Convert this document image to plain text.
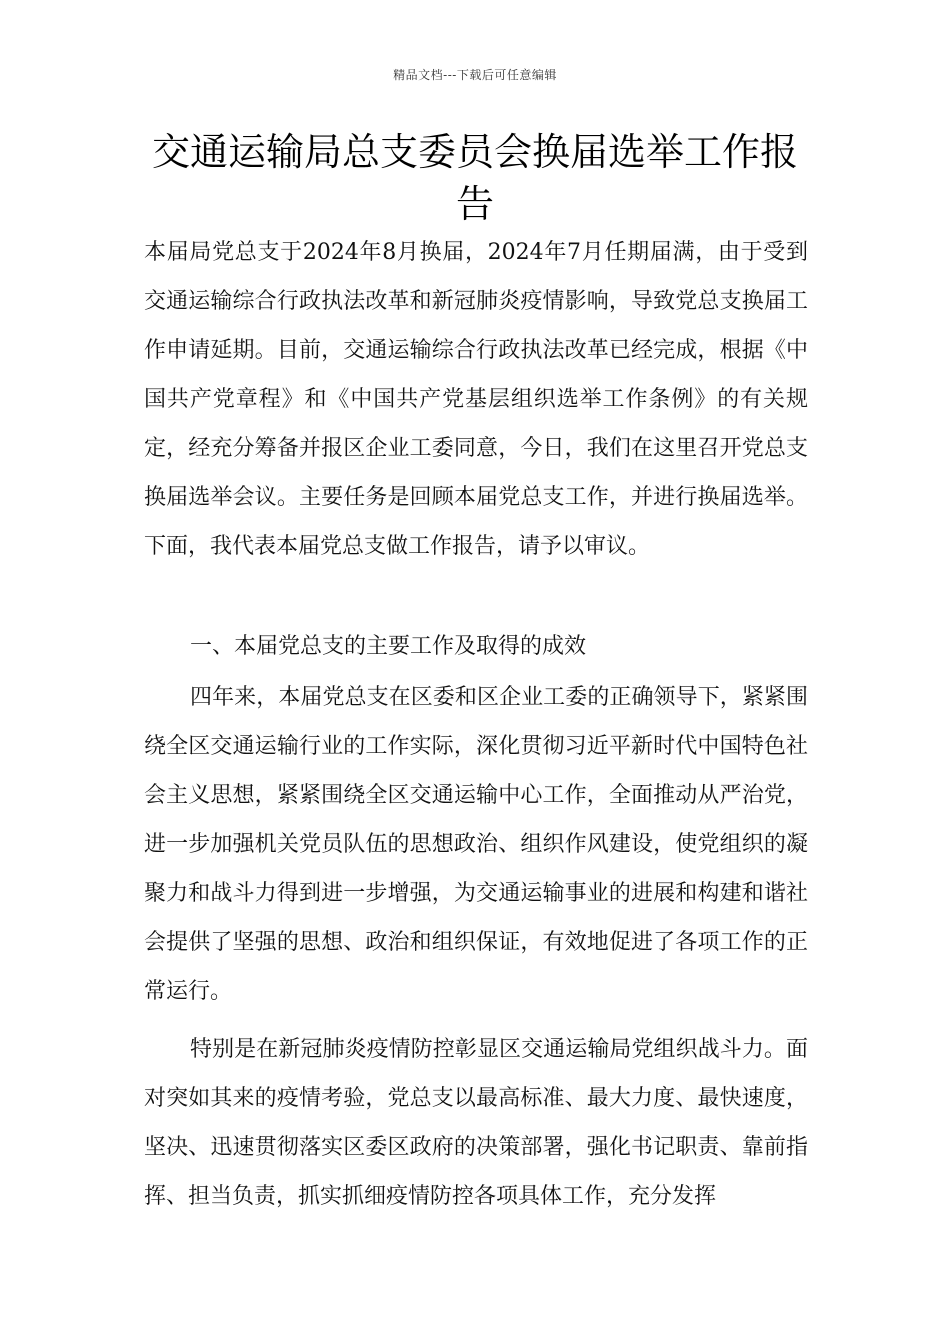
精品文档---下载后可任意编辑
交通运输局总支委员会换届选举工作报告

本届局党总支于2024年8月换届，2024年7月任期届满，由于受到交通运输综合行政执法改革和新冠肺炎疫情影响，导致党总支换届工作申请延期。目前，交通运输综合行政执法改革已经完成，根据《中国共产党章程》和《中国共产党基层组织选举工作条例》的有关规定，经充分筹备并报区企业工委同意，今日，我们在这里召开党总支换届选举会议。主要任务是回顾本届党总支工作，并进行换届选举。下面，我代表本届党总支做工作报告，请予以审议。

一、本届党总支的主要工作及取得的成效

四年来，本届党总支在区委和区企业工委的正确领导下，紧紧围绕全区交通运输行业的工作实际，深化贯彻习近平新时代中国特色社会主义思想，紧紧围绕全区交通运输中心工作，全面推动从严治党，进一步加强机关党员队伍的思想政治、组织作风建设，使党组织的凝聚力和战斗力得到进一步增强，为交通运输事业的进展和构建和谐社会提供了坚强的思想、政治和组织保证，有效地促进了各项工作的正常运行。

特别是在新冠肺炎疫情防控彰显区交通运输局党组织战斗力。面对突如其来的疫情考验，党总支以最高标准、最大力度、最快速度，坚决、迅速贯彻落实区委区政府的决策部署，强化书记职责、靠前指挥、担当负责，抓实抓细疫情防控各项具体工作，充分发挥
